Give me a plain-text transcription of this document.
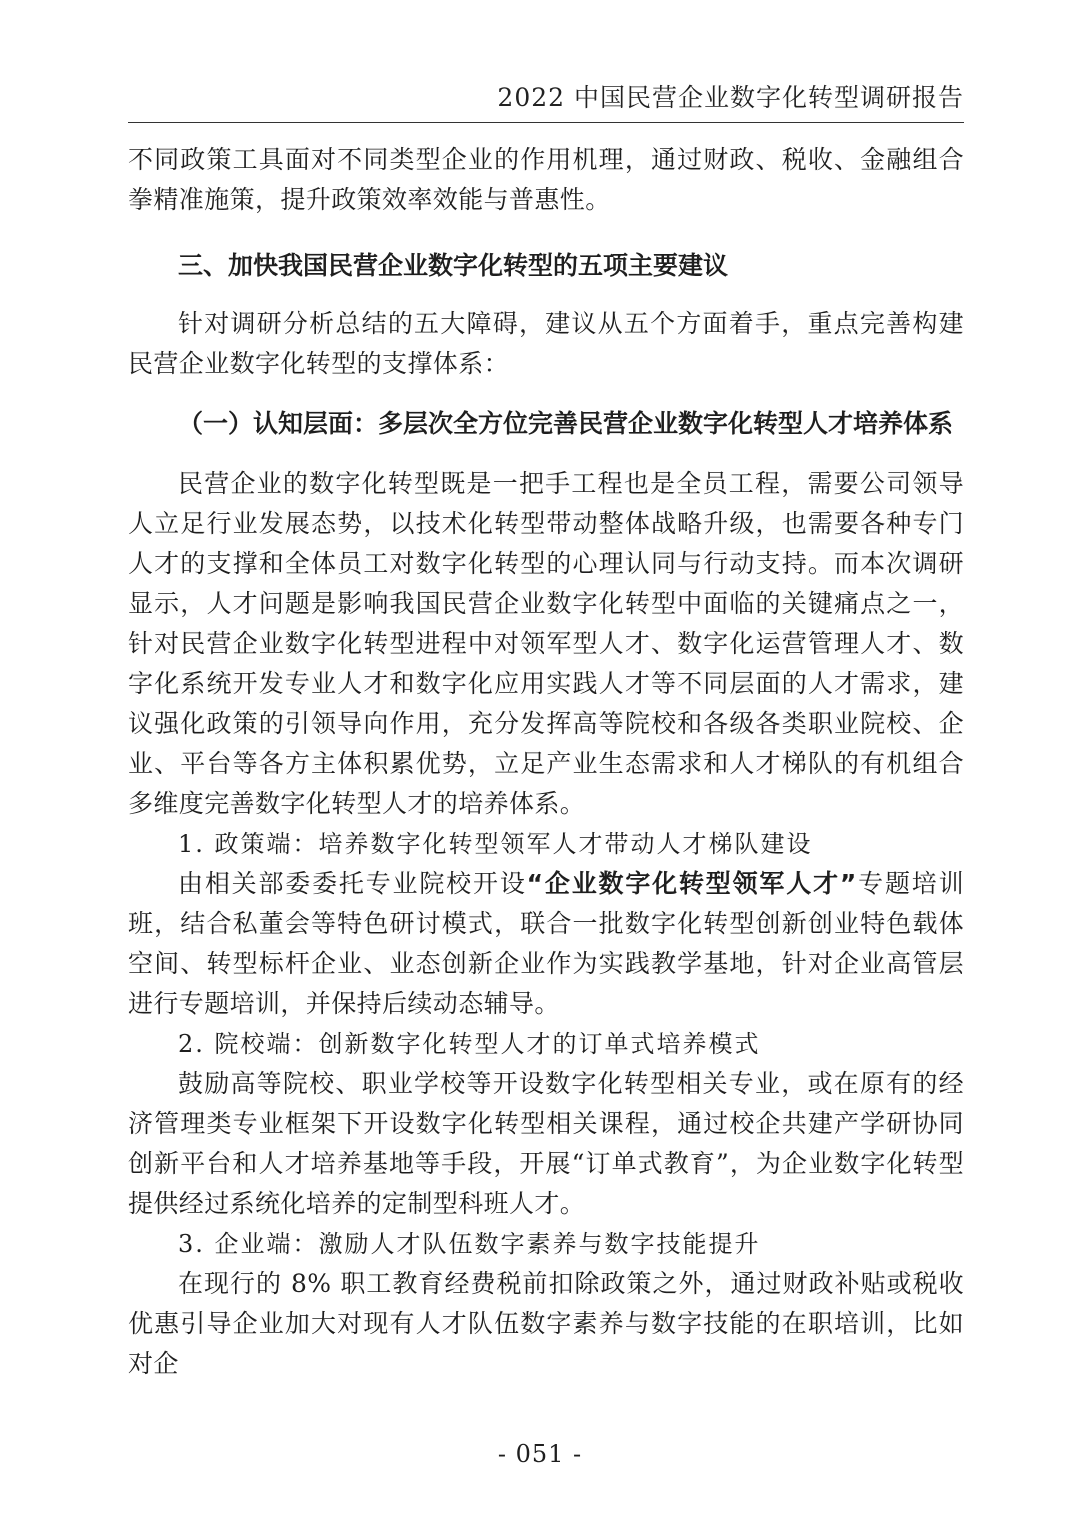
2022 中国民营企业数字化转型调研报告

不同政策工具面对不同类型企业的作用机理，通过财政、税收、金融组合拳精准施策，提升政策效率效能与普惠性。

三、加快我国民营企业数字化转型的五项主要建议

针对调研分析总结的五大障碍，建议从五个方面着手，重点完善构建民营企业数字化转型的支撑体系：

（一）认知层面：多层次全方位完善民营企业数字化转型人才培养体系

民营企业的数字化转型既是一把手工程也是全员工程，需要公司领导人立足行业发展态势，以技术化转型带动整体战略升级，也需要各种专门人才的支撑和全体员工对数字化转型的心理认同与行动支持。而本次调研显示，人才问题是影响我国民营企业数字化转型中面临的关键痛点之一，针对民营企业数字化转型进程中对领军型人才、数字化运营管理人才、数字化系统开发专业人才和数字化应用实践人才等不同层面的人才需求，建议强化政策的引领导向作用，充分发挥高等院校和各级各类职业院校、企业、平台等各方主体积累优势，立足产业生态需求和人才梯队的有机组合多维度完善数字化转型人才的培养体系。

1. 政策端：培养数字化转型领军人才带动人才梯队建设

由相关部委委托专业院校开设“企业数字化转型领军人才”专题培训班，结合私董会等特色研讨模式，联合一批数字化转型创新创业特色载体空间、转型标杆企业、业态创新企业作为实践教学基地，针对企业高管层进行专题培训，并保持后续动态辅导。

2. 院校端：创新数字化转型人才的订单式培养模式

鼓励高等院校、职业学校等开设数字化转型相关专业，或在原有的经济管理类专业框架下开设数字化转型相关课程，通过校企共建产学研协同创新平台和人才培养基地等手段，开展“订单式教育”，为企业数字化转型提供经过系统化培养的定制型科班人才。

3. 企业端：激励人才队伍数字素养与数字技能提升

在现行的 8% 职工教育经费税前扣除政策之外，通过财政补贴或税收优惠引导企业加大对现有人才队伍数字素养与数字技能的在职培训，比如对企

- 051 -
